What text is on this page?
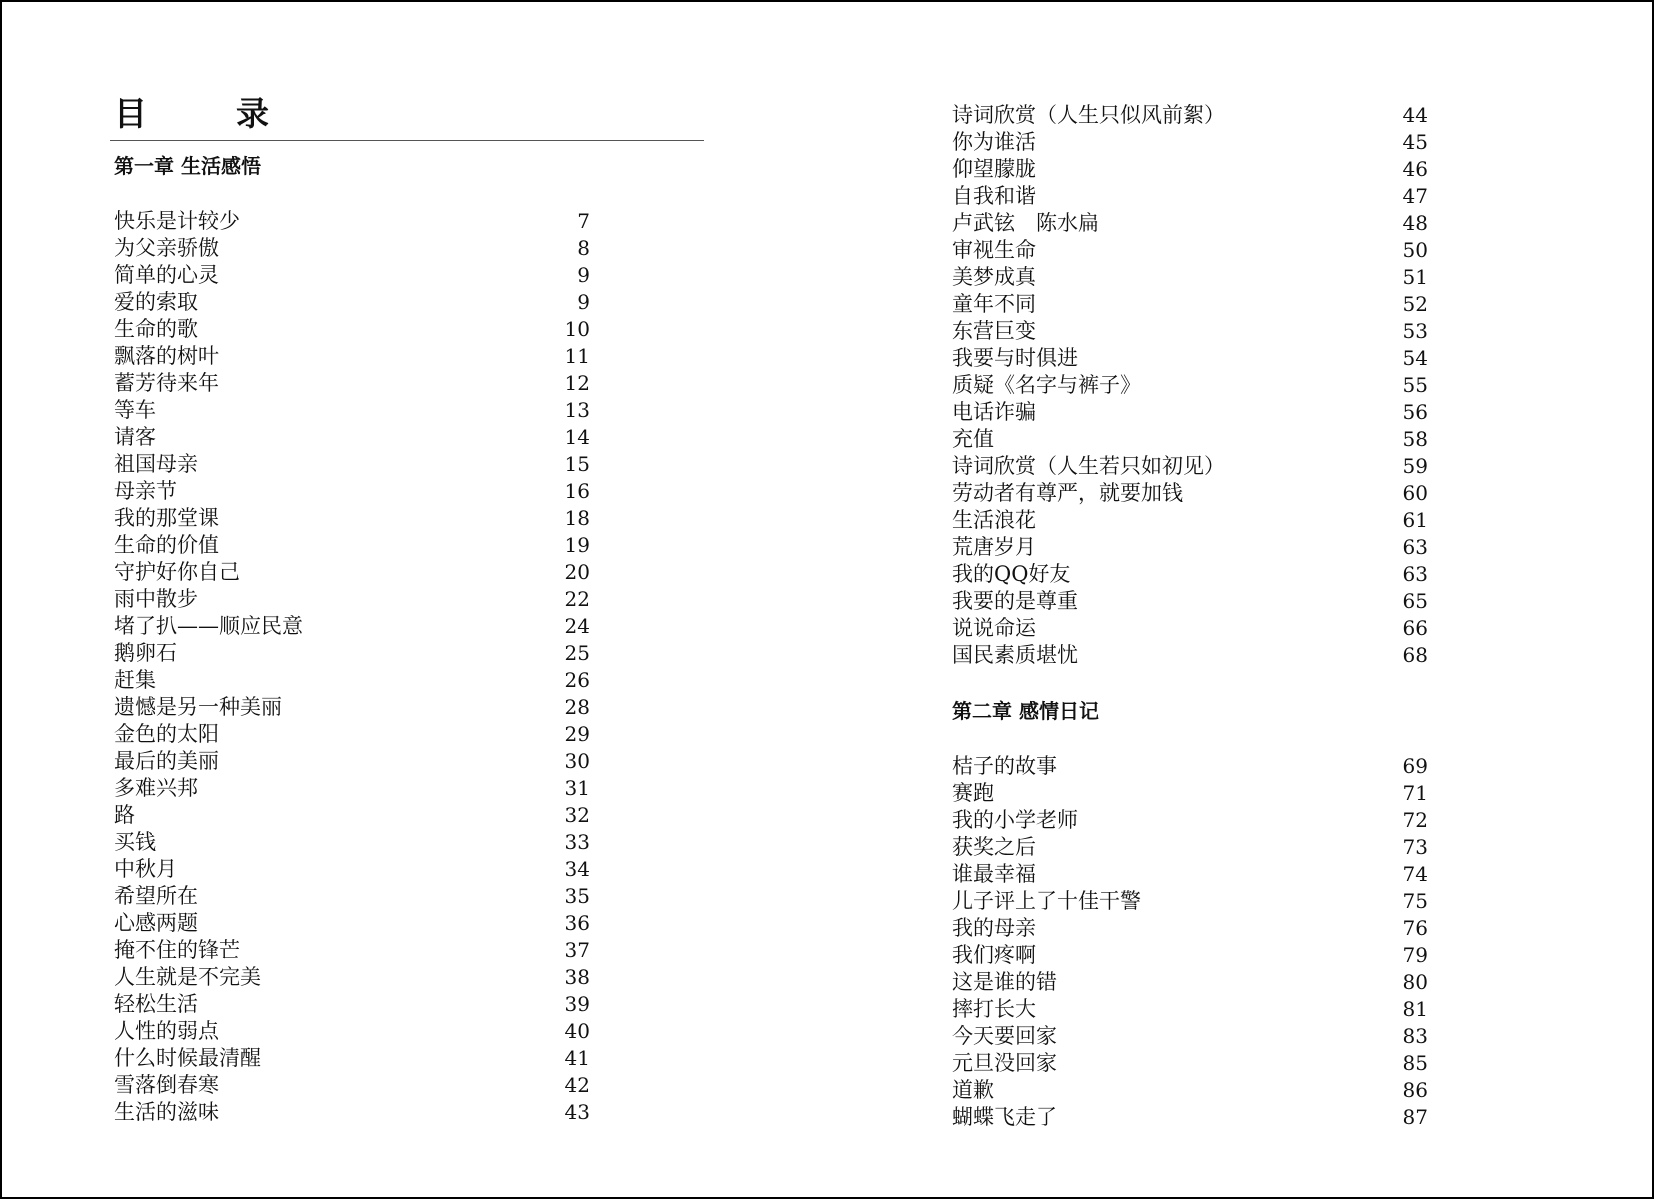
目　录
第一章 生活感悟
快乐是计较少	7
为父亲骄傲	8
简单的心灵	9
爱的索取	9
生命的歌	10
飘落的树叶	11
蓄芳待来年	12
等车	13
请客	14
祖国母亲	15
母亲节	16
我的那堂课	18
生命的价值	19
守护好你自己	20
雨中散步	22
堵了扒——顺应民意	24
鹅卵石	25
赶集	26
遗憾是另一种美丽	28
金色的太阳	29
最后的美丽	30
多难兴邦	31
路	32
买钱	33
中秋月	34
希望所在	35
心感两题	36
掩不住的锋芒	37
人生就是不完美	38
轻松生活	39
人性的弱点	40
什么时候最清醒	41
雪落倒春寒	42
生活的滋味	43
诗词欣赏（人生只似风前絮）	44
你为谁活	45
仰望朦胧	46
自我和谐	47
卢武铉　陈水扁	48
审视生命	50
美梦成真	51
童年不同	52
东营巨变	53
我要与时俱进	54
质疑《名字与裤子》	55
电话诈骗	56
充值	58
诗词欣赏（人生若只如初见）	59
劳动者有尊严，就要加钱	60
生活浪花	61
荒唐岁月	63
我的QQ好友	63
我要的是尊重	65
说说命运	66
国民素质堪忧	68
第二章 感情日记
桔子的故事	69
赛跑	71
我的小学老师	72
获奖之后	73
谁最幸福	74
儿子评上了十佳干警	75
我的母亲	76
我们疼啊	79
这是谁的错	80
摔打长大	81
今天要回家	83
元旦没回家	85
道歉	86
蝴蝶飞走了	87
